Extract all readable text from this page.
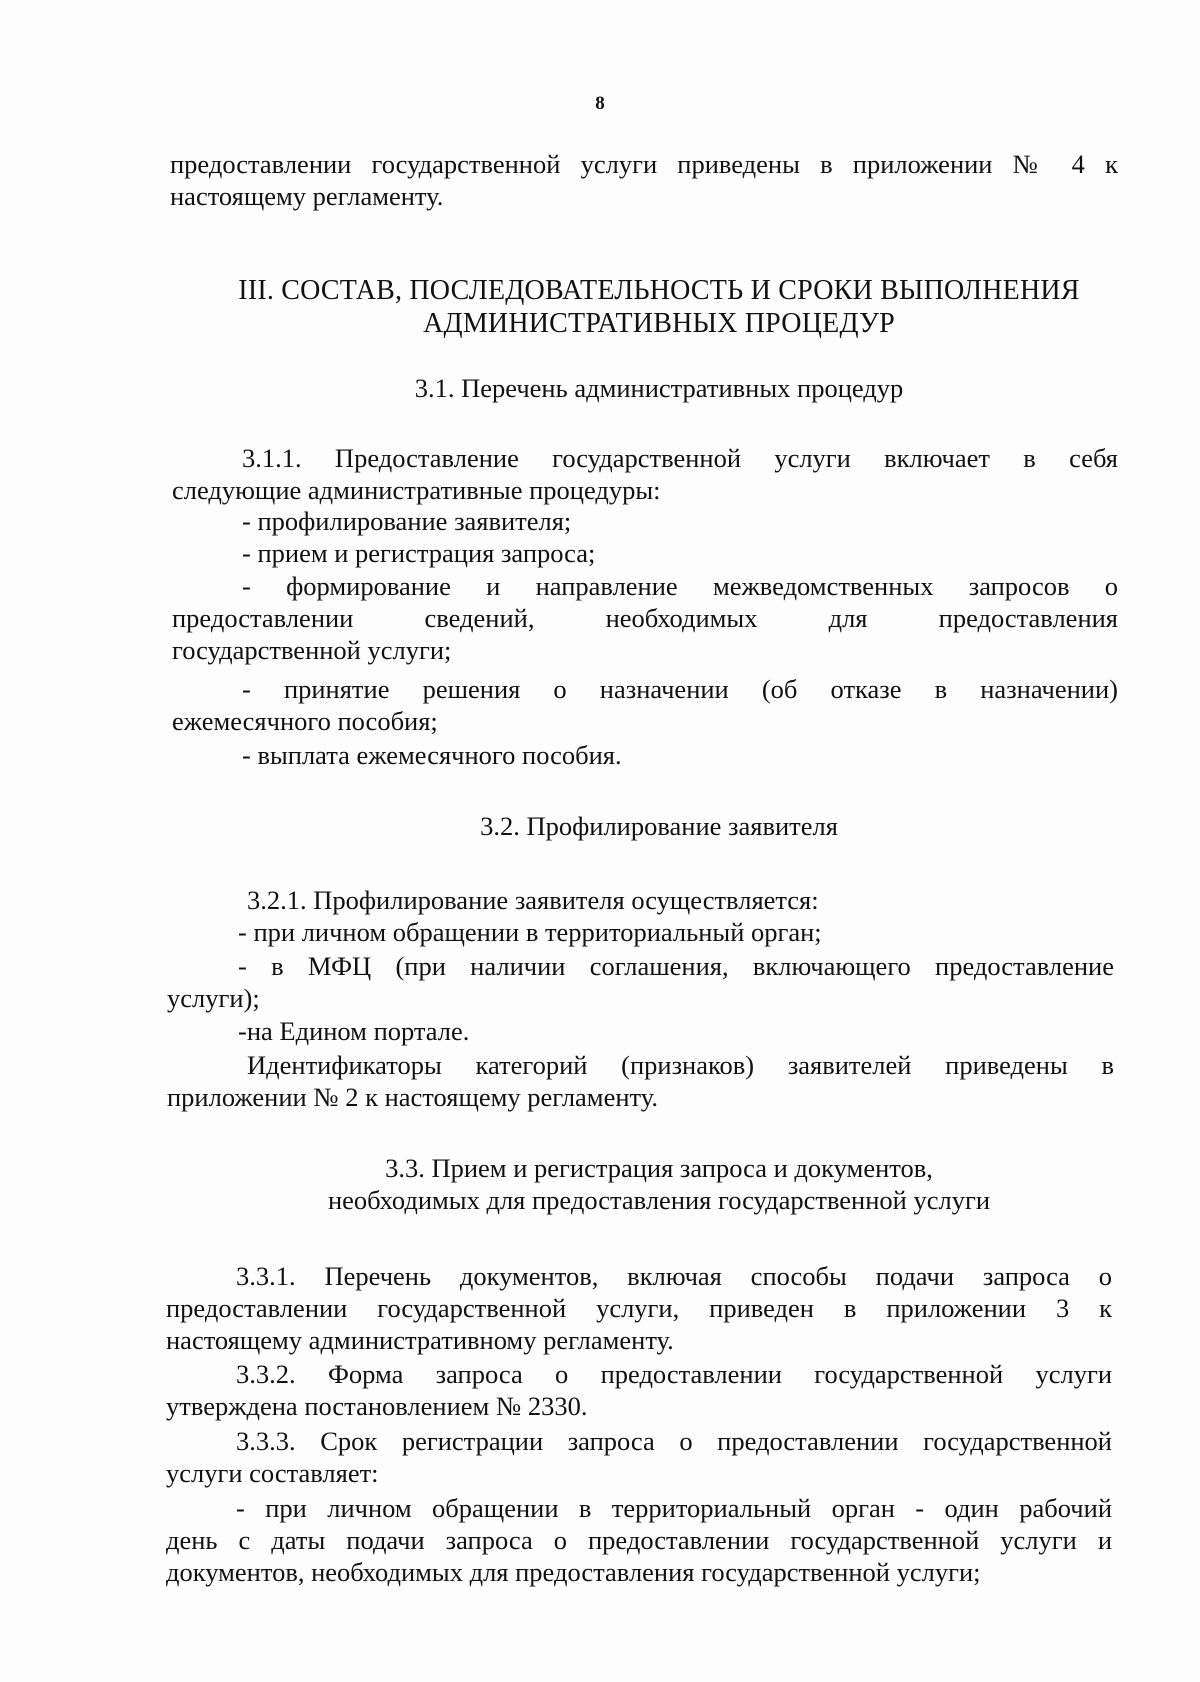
8
предоставлении государственной услуги приведены в приложении № 4 к
настоящему регламенту.
III. СОСТАВ, ПОСЛЕДОВАТЕЛЬНОСТЬ И СРОКИ ВЫПОЛНЕНИЯ
АДМИНИСТРАТИВНЫХ ПРОЦЕДУР
3.1. Перечень административных процедур
3.1.1. Предоставление государственной услуги включает в себя
следующие административные процедуры:
- профилирование заявителя;
- прием и регистрация запроса;
- формирование и направление межведомственных запросов о
предоставлении сведений, необходимых для предоставления
государственной услуги;
- принятие решения о назначении (об отказе в назначении)
ежемесячного пособия;
- выплата ежемесячного пособия.
3.2. Профилирование заявителя
3.2.1. Профилирование заявителя осуществляется:
- при личном обращении в территориальный орган;
- в МФЦ (при наличии соглашения, включающего предоставление
услуги);
-на Едином портале.
Идентификаторы категорий (признаков) заявителей приведены в
приложении № 2 к настоящему регламенту.
3.3. Прием и регистрация запроса и документов,
необходимых для предоставления государственной услуги
3.3.1. Перечень документов, включая способы подачи запроса о
предоставлении государственной услуги, приведен в приложении 3 к
настоящему административному регламенту.
3.3.2. Форма запроса о предоставлении государственной услуги
утверждена постановлением № 2330.
3.3.3. Срок регистрации запроса о предоставлении государственной
услуги составляет:
- при личном обращении в территориальный орган - один рабочий
день с даты подачи запроса о предоставлении государственной услуги и
документов, необходимых для предоставления государственной услуги;
